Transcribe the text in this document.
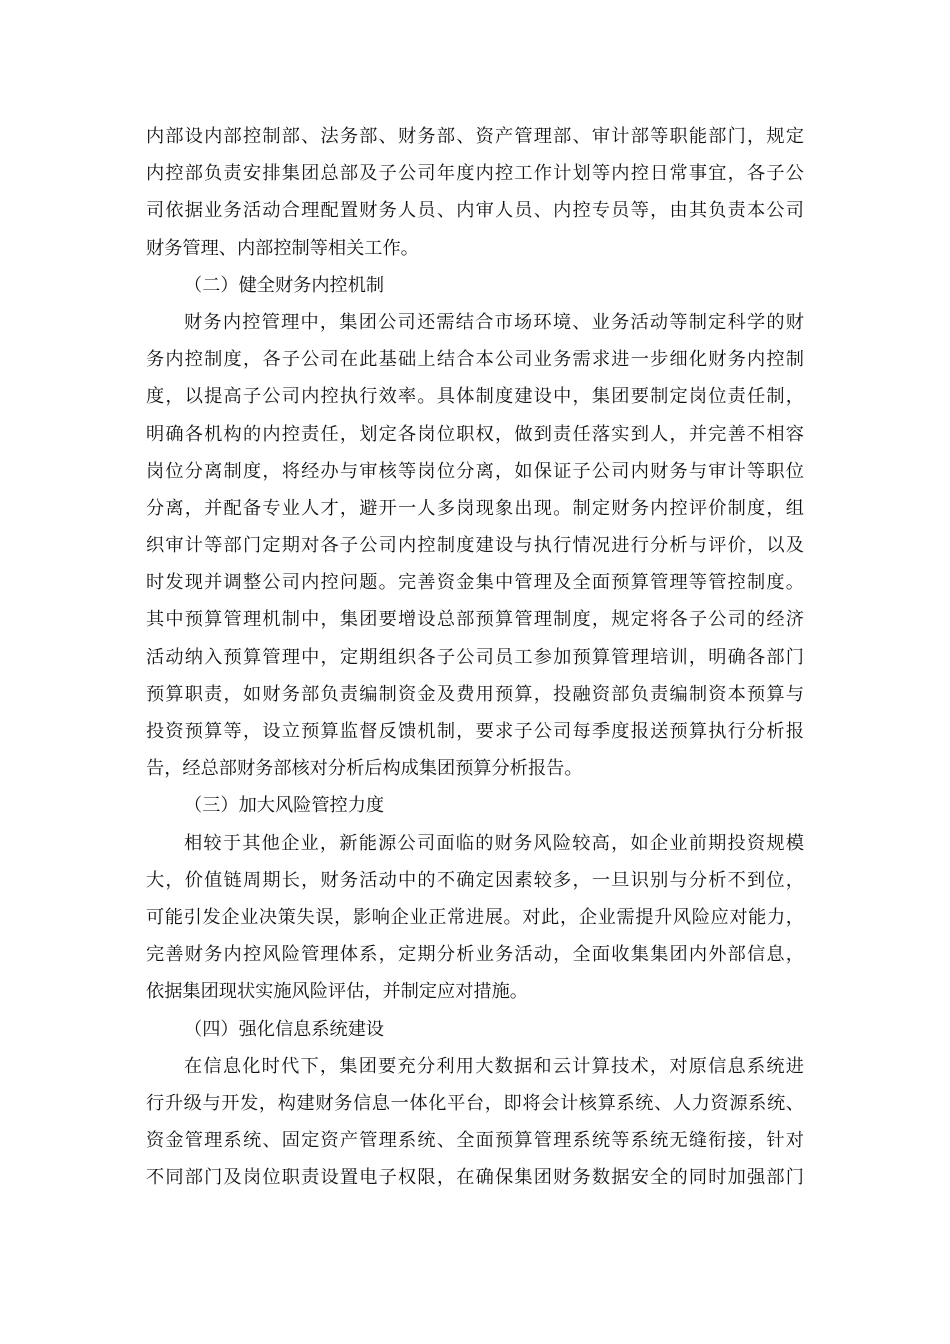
内部设内部控制部、法务部、财务部、资产管理部、审计部等职能部门，规定
内控部负责安排集团总部及子公司年度内控工作计划等内控日常事宜，各子公
司依据业务活动合理配置财务人员、内审人员、内控专员等，由其负责本公司
财务管理、内部控制等相关工作。
（二）健全财务内控机制
财务内控管理中，集团公司还需结合市场环境、业务活动等制定科学的财
务内控制度，各子公司在此基础上结合本公司业务需求进一步细化财务内控制
度，以提高子公司内控执行效率。具体制度建设中，集团要制定岗位责任制，
明确各机构的内控责任，划定各岗位职权，做到责任落实到人，并完善不相容
岗位分离制度，将经办与审核等岗位分离，如保证子公司内财务与审计等职位
分离，并配备专业人才，避开一人多岗现象出现。制定财务内控评价制度，组
织审计等部门定期对各子公司内控制度建设与执行情况进行分析与评价，以及
时发现并调整公司内控问题。完善资金集中管理及全面预算管理等管控制度。
其中预算管理机制中，集团要增设总部预算管理制度，规定将各子公司的经济
活动纳入预算管理中，定期组织各子公司员工参加预算管理培训，明确各部门
预算职责，如财务部负责编制资金及费用预算，投融资部负责编制资本预算与
投资预算等，设立预算监督反馈机制，要求子公司每季度报送预算执行分析报
告，经总部财务部核对分析后构成集团预算分析报告。
（三）加大风险管控力度
相较于其他企业，新能源公司面临的财务风险较高，如企业前期投资规模
大，价值链周期长，财务活动中的不确定因素较多，一旦识别与分析不到位，
可能引发企业决策失误，影响企业正常进展。对此，企业需提升风险应对能力，
完善财务内控风险管理体系，定期分析业务活动，全面收集集团内外部信息，
依据集团现状实施风险评估，并制定应对措施。
（四）强化信息系统建设
在信息化时代下，集团要充分利用大数据和云计算技术，对原信息系统进
行升级与开发，构建财务信息一体化平台，即将会计核算系统、人力资源系统、
资金管理系统、固定资产管理系统、全面预算管理系统等系统无缝衔接，针对
不同部门及岗位职责设置电子权限，在确保集团财务数据安全的同时加强部门
